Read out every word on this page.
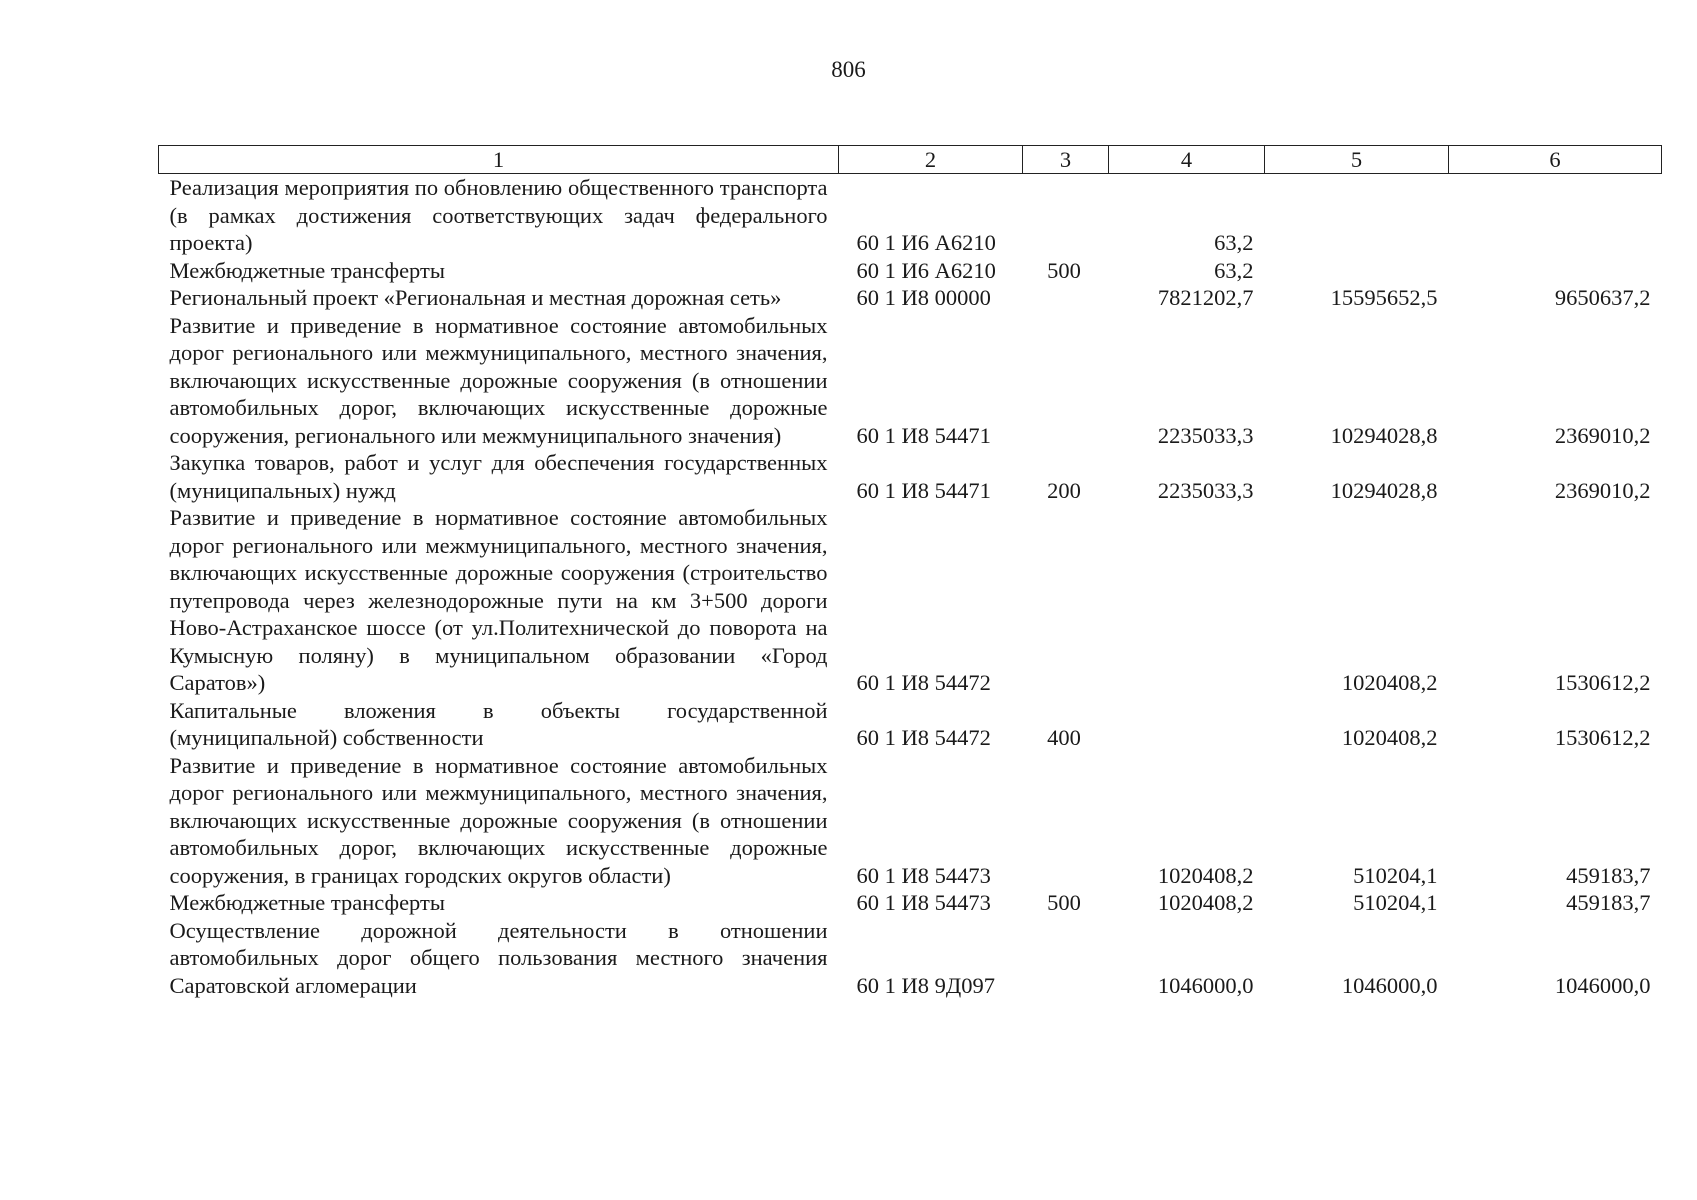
806
1	2	3	4	5	6
Реализация мероприятия по обновлению общественного транспорта (в рамках достижения соответствующих задач федерального проекта)	60 1 И6 А6210		63,2		
Межбюджетные трансферты	60 1 И6 А6210	500	63,2		
Региональный проект «Региональная и местная дорожная сеть»	60 1 И8 00000		7821202,7	15595652,5	9650637,2
Развитие и приведение в нормативное состояние автомобильных дорог регионального или межмуниципального, местного значения, включающих искусственные дорожные сооружения (в отношении автомобильных дорог, включающих искусственные дорожные сооружения, регионального или межмуниципального значения)	60 1 И8 54471		2235033,3	10294028,8	2369010,2
Закупка товаров, работ и услуг для обеспечения государственных (муниципальных) нужд	60 1 И8 54471	200	2235033,3	10294028,8	2369010,2
Развитие и приведение в нормативное состояние автомобильных дорог регионального или межмуниципального, местного значения, включающих искусственные дорожные сооружения (строительство путепровода через железнодорожные пути на км 3+500 дороги Ново-Астраханское шоссе (от ул.Политехнической до поворота на Кумысную поляну) в муниципальном образовании «Город Саратов»)	60 1 И8 54472			1020408,2	1530612,2
Капитальные вложения в объекты государственной (муниципальной) собственности	60 1 И8 54472	400		1020408,2	1530612,2
Развитие и приведение в нормативное состояние автомобильных дорог регионального или межмуниципального, местного значения, включающих искусственные дорожные сооружения (в отношении автомобильных дорог, включающих искусственные дорожные сооружения, в границах городских округов области)	60 1 И8 54473		1020408,2	510204,1	459183,7
Межбюджетные трансферты	60 1 И8 54473	500	1020408,2	510204,1	459183,7
Осуществление дорожной деятельности в отношении автомобильных дорог общего пользования местного значения Саратовской агломерации	60 1 И8 9Д097		1046000,0	1046000,0	1046000,0
